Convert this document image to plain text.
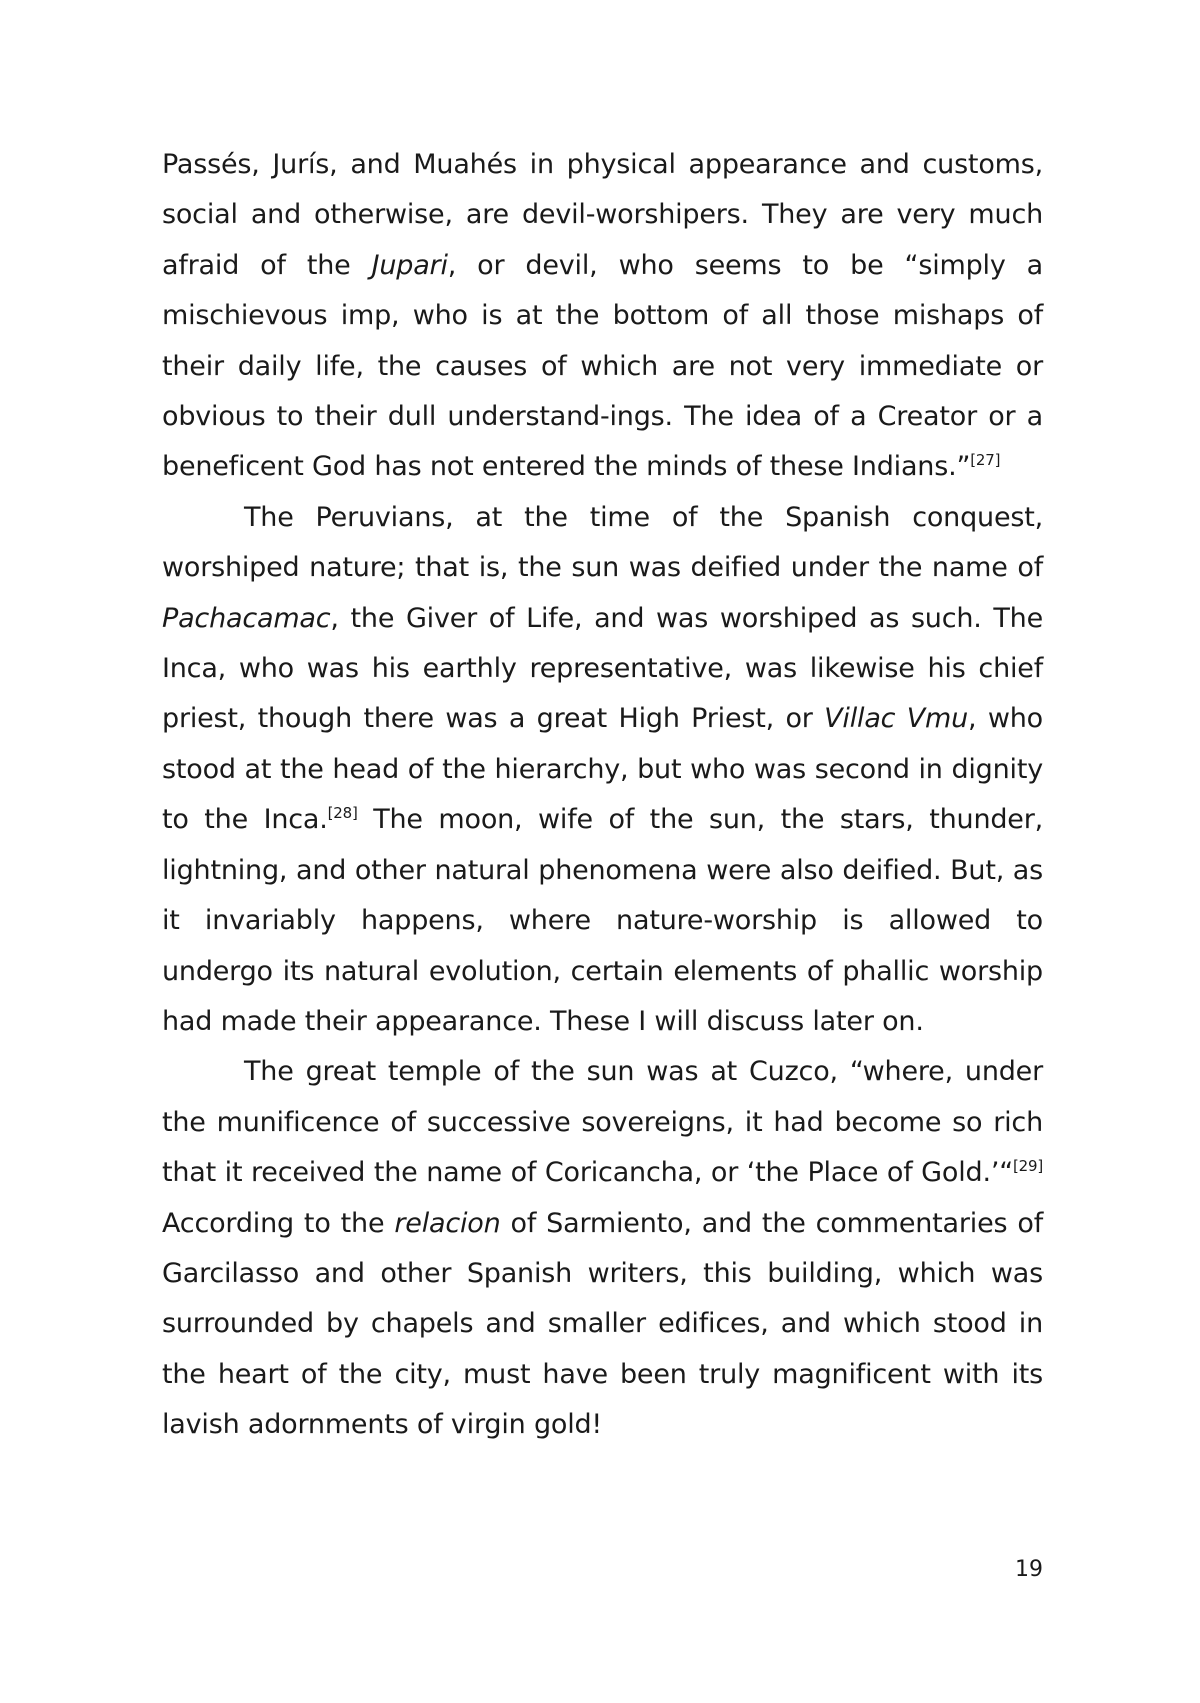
Passés, Jurís, and Muahés in physical appearance and customs, social and otherwise, are devil-worshipers. They are very much afraid of the Jupari, or devil, who seems to be “simply a mischievous imp, who is at the bottom of all those mishaps of their daily life, the causes of which are not very immediate or obvious to their dull understand-ings. The idea of a Creator or a beneficent God has not entered the minds of these Indians.”[27]

The Peruvians, at the time of the Spanish conquest, worshiped nature; that is, the sun was deified under the name of Pachacamac, the Giver of Life, and was worshiped as such. The Inca, who was his earthly representative, was likewise his chief priest, though there was a great High Priest, or Villac Vmu, who stood at the head of the hierarchy, but who was second in dignity to the Inca.[28] The moon, wife of the sun, the stars, thunder, lightning, and other natural phenomena were also deified. But, as it invariably happens, where nature-worship is allowed to undergo its natural evolution, certain elements of phallic worship had made their appearance. These I will discuss later on.

The great temple of the sun was at Cuzco, “where, under the munificence of successive sovereigns, it had become so rich that it received the name of Coricancha, or ‘the Place of Gold.’“[29] According to the relacion of Sarmiento, and the commentaries of Garcilasso and other Spanish writers, this building, which was surrounded by chapels and smaller edifices, and which stood in the heart of the city, must have been truly magnificent with its lavish adornments of virgin gold!

19
